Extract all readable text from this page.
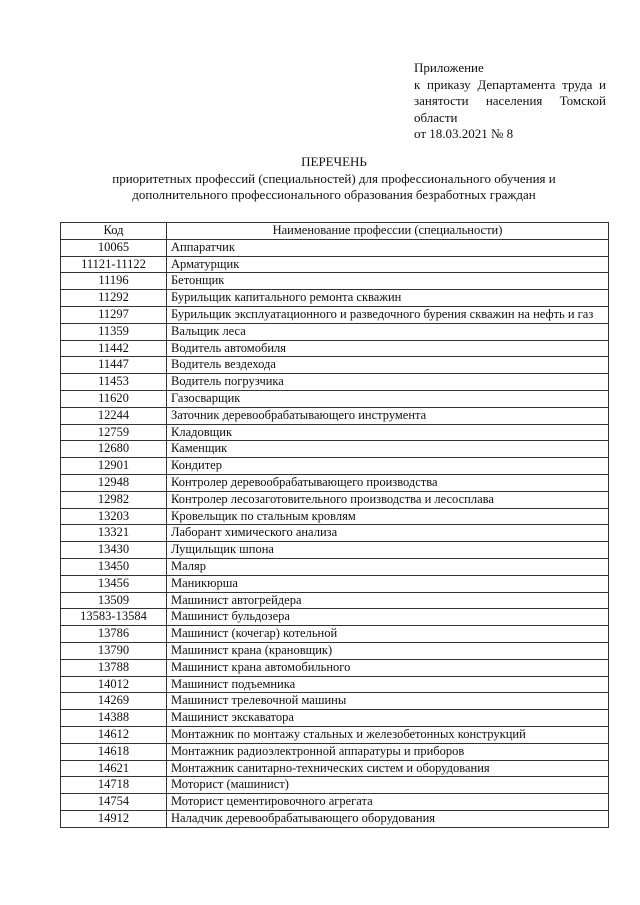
Приложение
к приказу Департамента труда и
занятости населения Томской
области
от 18.03.2021 № 8
ПЕРЕЧЕНЬ
приоритетных профессий (специальностей) для профессионального обучения и
дополнительного профессионального образования безработных граждан
Код	Наименование профессии (специальности)
10065	Аппаратчик
11121-11122	Арматурщик
11196	Бетонщик
11292	Бурильщик капитального ремонта скважин
11297	Бурильщик эксплуатационного и разведочного бурения скважин на нефть и газ
11359	Вальщик леса
11442	Водитель автомобиля
11447	Водитель вездехода
11453	Водитель погрузчика
11620	Газосварщик
12244	Заточник деревообрабатывающего инструмента
12759	Кладовщик
12680	Каменщик
12901	Кондитер
12948	Контролер деревообрабатывающего производства
12982	Контролер лесозаготовительного производства и лесосплава
13203	Кровельщик по стальным кровлям
13321	Лаборант химического анализа
13430	Лущильщик шпона
13450	Маляр
13456	Маникюрша
13509	Машинист автогрейдера
13583-13584	Машинист бульдозера
13786	Машинист (кочегар) котельной
13790	Машинист крана (крановщик)
13788	Машинист крана автомобильного
14012	Машинист подъемника
14269	Машинист трелевочной машины
14388	Машинист экскаватора
14612	Монтажник по монтажу стальных и железобетонных конструкций
14618	Монтажник радиоэлектронной аппаратуры и приборов
14621	Монтажник санитарно-технических систем и оборудования
14718	Моторист (машинист)
14754	Моторист цементировочного агрегата
14912	Наладчик деревообрабатывающего оборудования
